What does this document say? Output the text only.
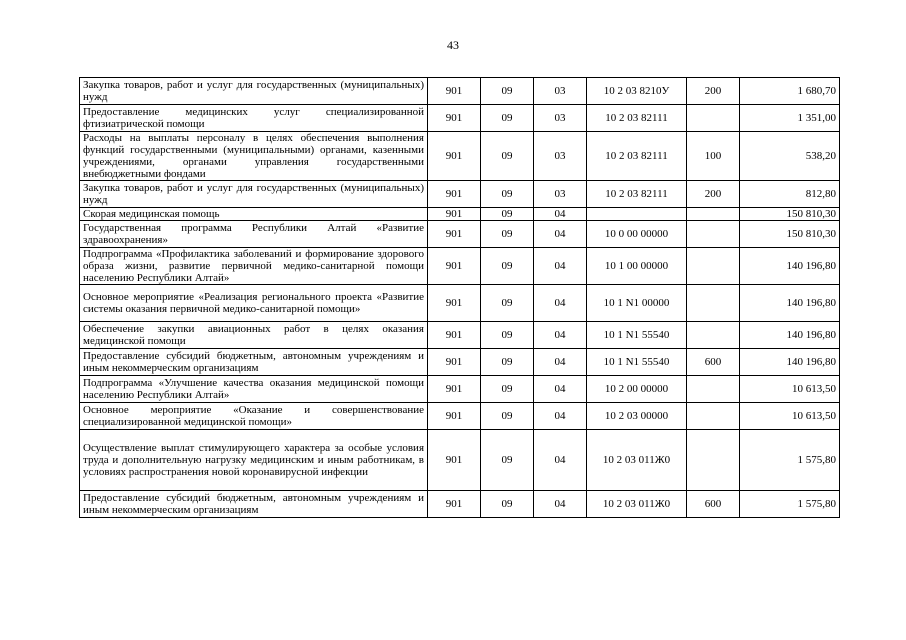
43
Закупка товаров, работ и услуг для государственных (муниципальных) нужд	901	09	03	10 2 03 8210У	200	1 680,70
Предоставление медицинских услуг специализированной фтизиатрической помощи	901	09	03	10 2 03 82111		1 351,00
Расходы на выплаты персоналу в целях обеспечения выполнения функций государственными (муниципальными) органами, казенными учреждениями, органами управления государственными внебюджетными фондами	901	09	03	10 2 03 82111	100	538,20
Закупка товаров, работ и услуг для государственных (муниципальных) нужд	901	09	03	10 2 03 82111	200	812,80
Скорая медицинская помощь	901	09	04			150 810,30
Государственная программа Республики Алтай «Развитие здравоохранения»	901	09	04	10 0 00 00000		150 810,30
Подпрограмма «Профилактика заболеваний и формирование здорового образа жизни, развитие первичной медико-санитарной помощи населению Республики Алтай»	901	09	04	10 1 00 00000		140 196,80
Основное мероприятие «Реализация регионального проекта «Развитие системы оказания первичной медико-санитарной помощи»	901	09	04	10 1 N1 00000		140 196,80
Обеспечение закупки авиационных работ в целях оказания медицинской помощи	901	09	04	10 1 N1 55540		140 196,80
Предоставление субсидий бюджетным, автономным учреждениям и иным некоммерческим организациям	901	09	04	10 1 N1 55540	600	140 196,80
Подпрограмма «Улучшение качества оказания медицинской помощи населению Республики Алтай»	901	09	04	10 2 00 00000		10 613,50
Основное мероприятие «Оказание и совершенствование специализированной медицинской помощи»	901	09	04	10 2 03 00000		10 613,50
Осуществление выплат стимулирующего характера за особые условия труда и дополнительную нагрузку медицинским и иным работникам, в условиях распространения новой коронавирусной инфекции	901	09	04	10 2 03 011Ж0		1 575,80
Предоставление субсидий бюджетным, автономным учреждениям и иным некоммерческим организациям	901	09	04	10 2 03 011Ж0	600	1 575,80
